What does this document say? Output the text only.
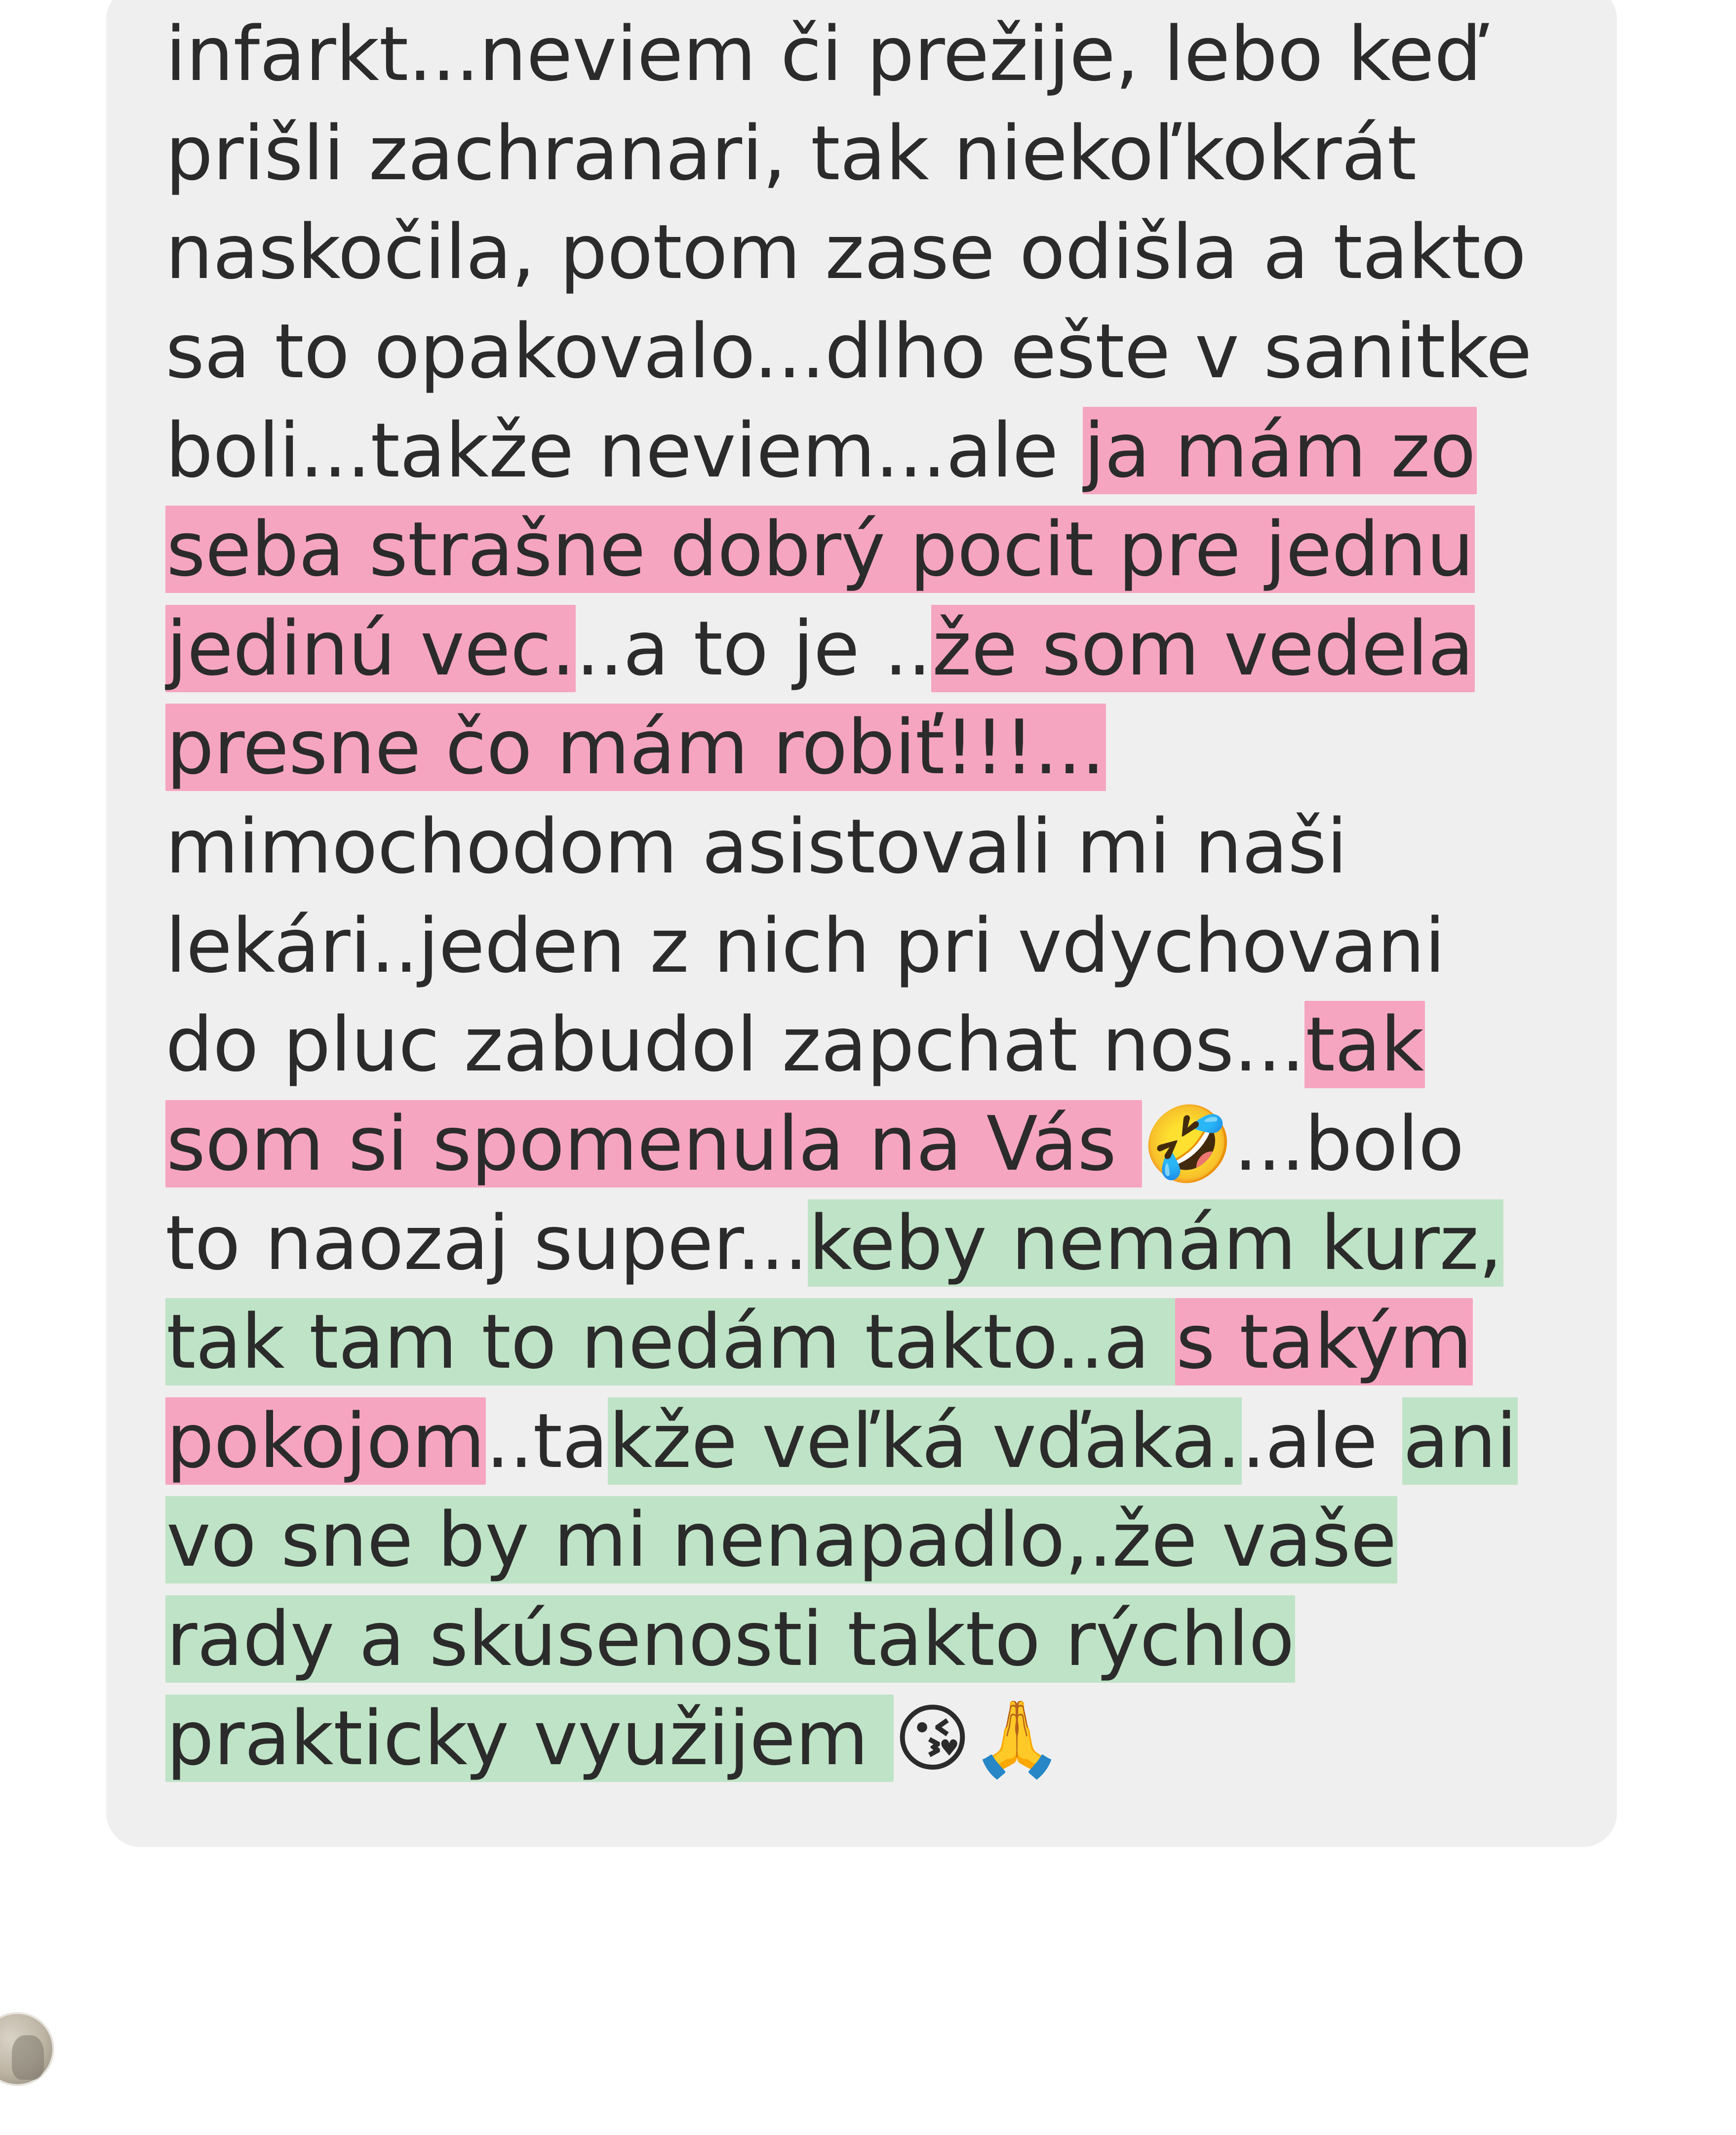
infarkt...neviem či prežije, lebo keď prišli zachranari, tak niekoľkokrát naskočila, potom zase odišla a takto sa to opakovalo...dlho ešte v sanitke boli...takže neviem...ale ja mám zo seba strašne dobrý pocit pre jednu jedinú vec...a to je ..že som vedela presne čo mám robiť!!!... mimochodom asistovali mi naši lekári..jeden z nich pri vdychovani do pluc zabudol zapchat nos...tak som si spomenula na Vás 🤣...bolo to naozaj super...keby nemám kurz, tak tam to nedám takto..a s takým pokojom..takže veľká vďaka..ale ani vo sne by mi nenapadlo,.že vašе rady a skúsenosti takto rýchlo prakticky využijem 😘🙏
